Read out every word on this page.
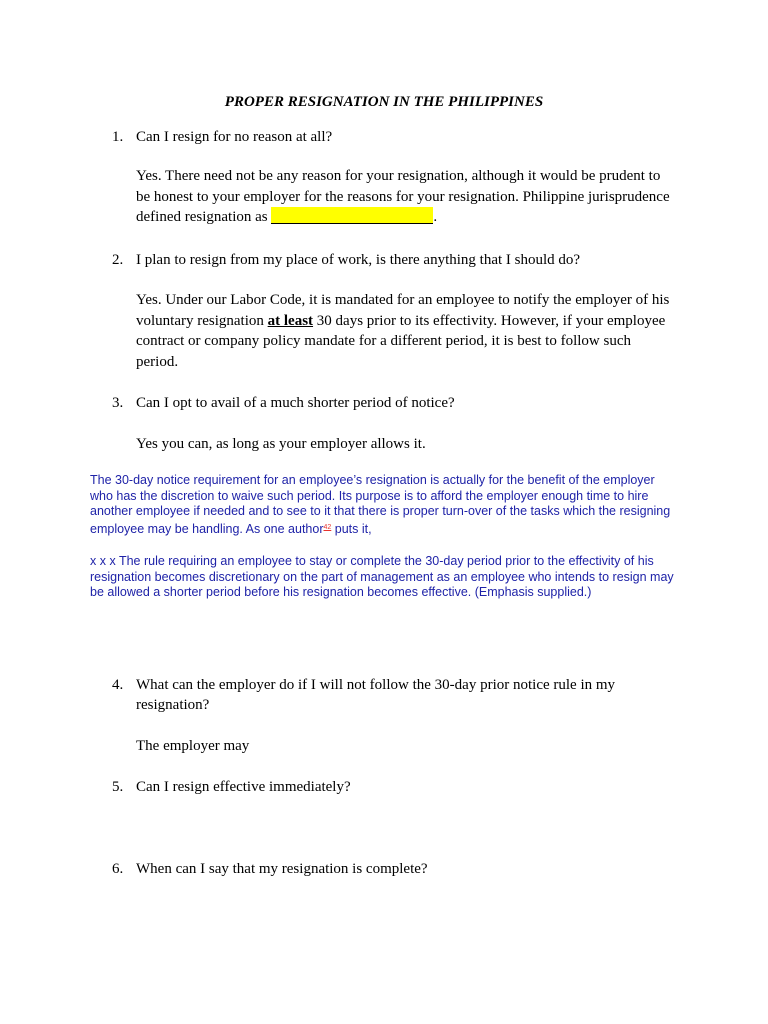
PROPER RESIGNATION IN THE PHILIPPINES
1. Can I resign for no reason at all?

Yes. There need not be any reason for your resignation, although it would be prudent to be honest to your employer for the reasons for your resignation. Philippine jurisprudence defined resignation as	.

2. I plan to resign from my place of work, is there anything that I should do?

Yes. Under our Labor Code, it is mandated for an employee to notify the employer of his voluntary resignation at least 30 days prior to its effectivity. However, if your employee contract or company policy mandate for a different period, it is best to follow such period.

3. Can I opt to avail of a much shorter period of notice?

Yes you can, as long as your employer allows it.

The 30-day notice requirement for an employee’s resignation is actually for the benefit of the employer who has the discretion to waive such period. Its purpose is to afford the employer enough time to hire another employee if needed and to see to it that there is proper turn-over of the tasks which the resigning employee may be handling. As one author$^{42}$ puts it,
x x x The rule requiring an employee to stay or complete the 30-day period prior to the effectivity of his resignation becomes discretionary on the part of management as an employee who intends to resign may be allowed a shorter period before his resignation becomes effective. (Emphasis supplied.)
4. What can the employer do if I will not follow the 30-day prior notice rule in my resignation?

The employer may

5. Can I resign effective immediately?
6. When can I say that my resignation is complete?
